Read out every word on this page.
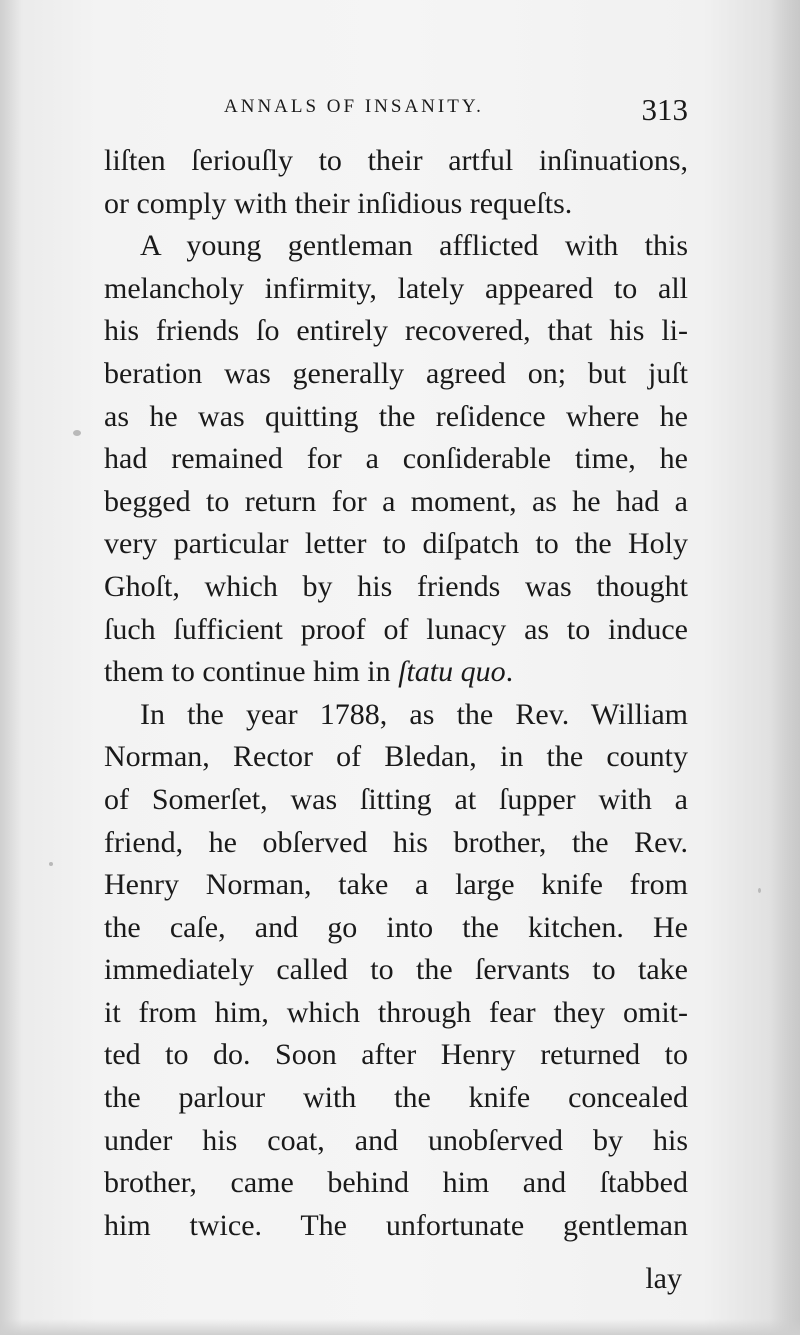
ANNALS OF INSANITY.	313
liſten ſeriouſly to their artful inſinuations,
or comply with their inſidious requeſts.
A young gentleman afflicted with this
melancholy infirmity, lately appeared to all
his friends ſo entirely recovered, that his li-
beration was generally agreed on; but juſt
as he was quitting the reſidence where he
had remained for a conſiderable time, he
begged to return for a moment, as he had a
very particular letter to diſpatch to the Holy
Ghoſt, which by his friends was thought
ſuch ſufficient proof of lunacy as to induce
them to continue him in ſtatu quo.
In the year 1788, as the Rev. William
Norman, Rector of Bledan, in the county
of Somerſet, was ſitting at ſupper with a
friend, he obſerved his brother, the Rev.
Henry Norman, take a large knife from
the caſe, and go into the kitchen. He
immediately called to the ſervants to take
it from him, which through fear they omit-
ted to do. Soon after Henry returned to
the parlour with the knife concealed
under his coat, and unobſerved by his
brother, came behind him and ſtabbed
him twice. The unfortunate gentleman
lay
